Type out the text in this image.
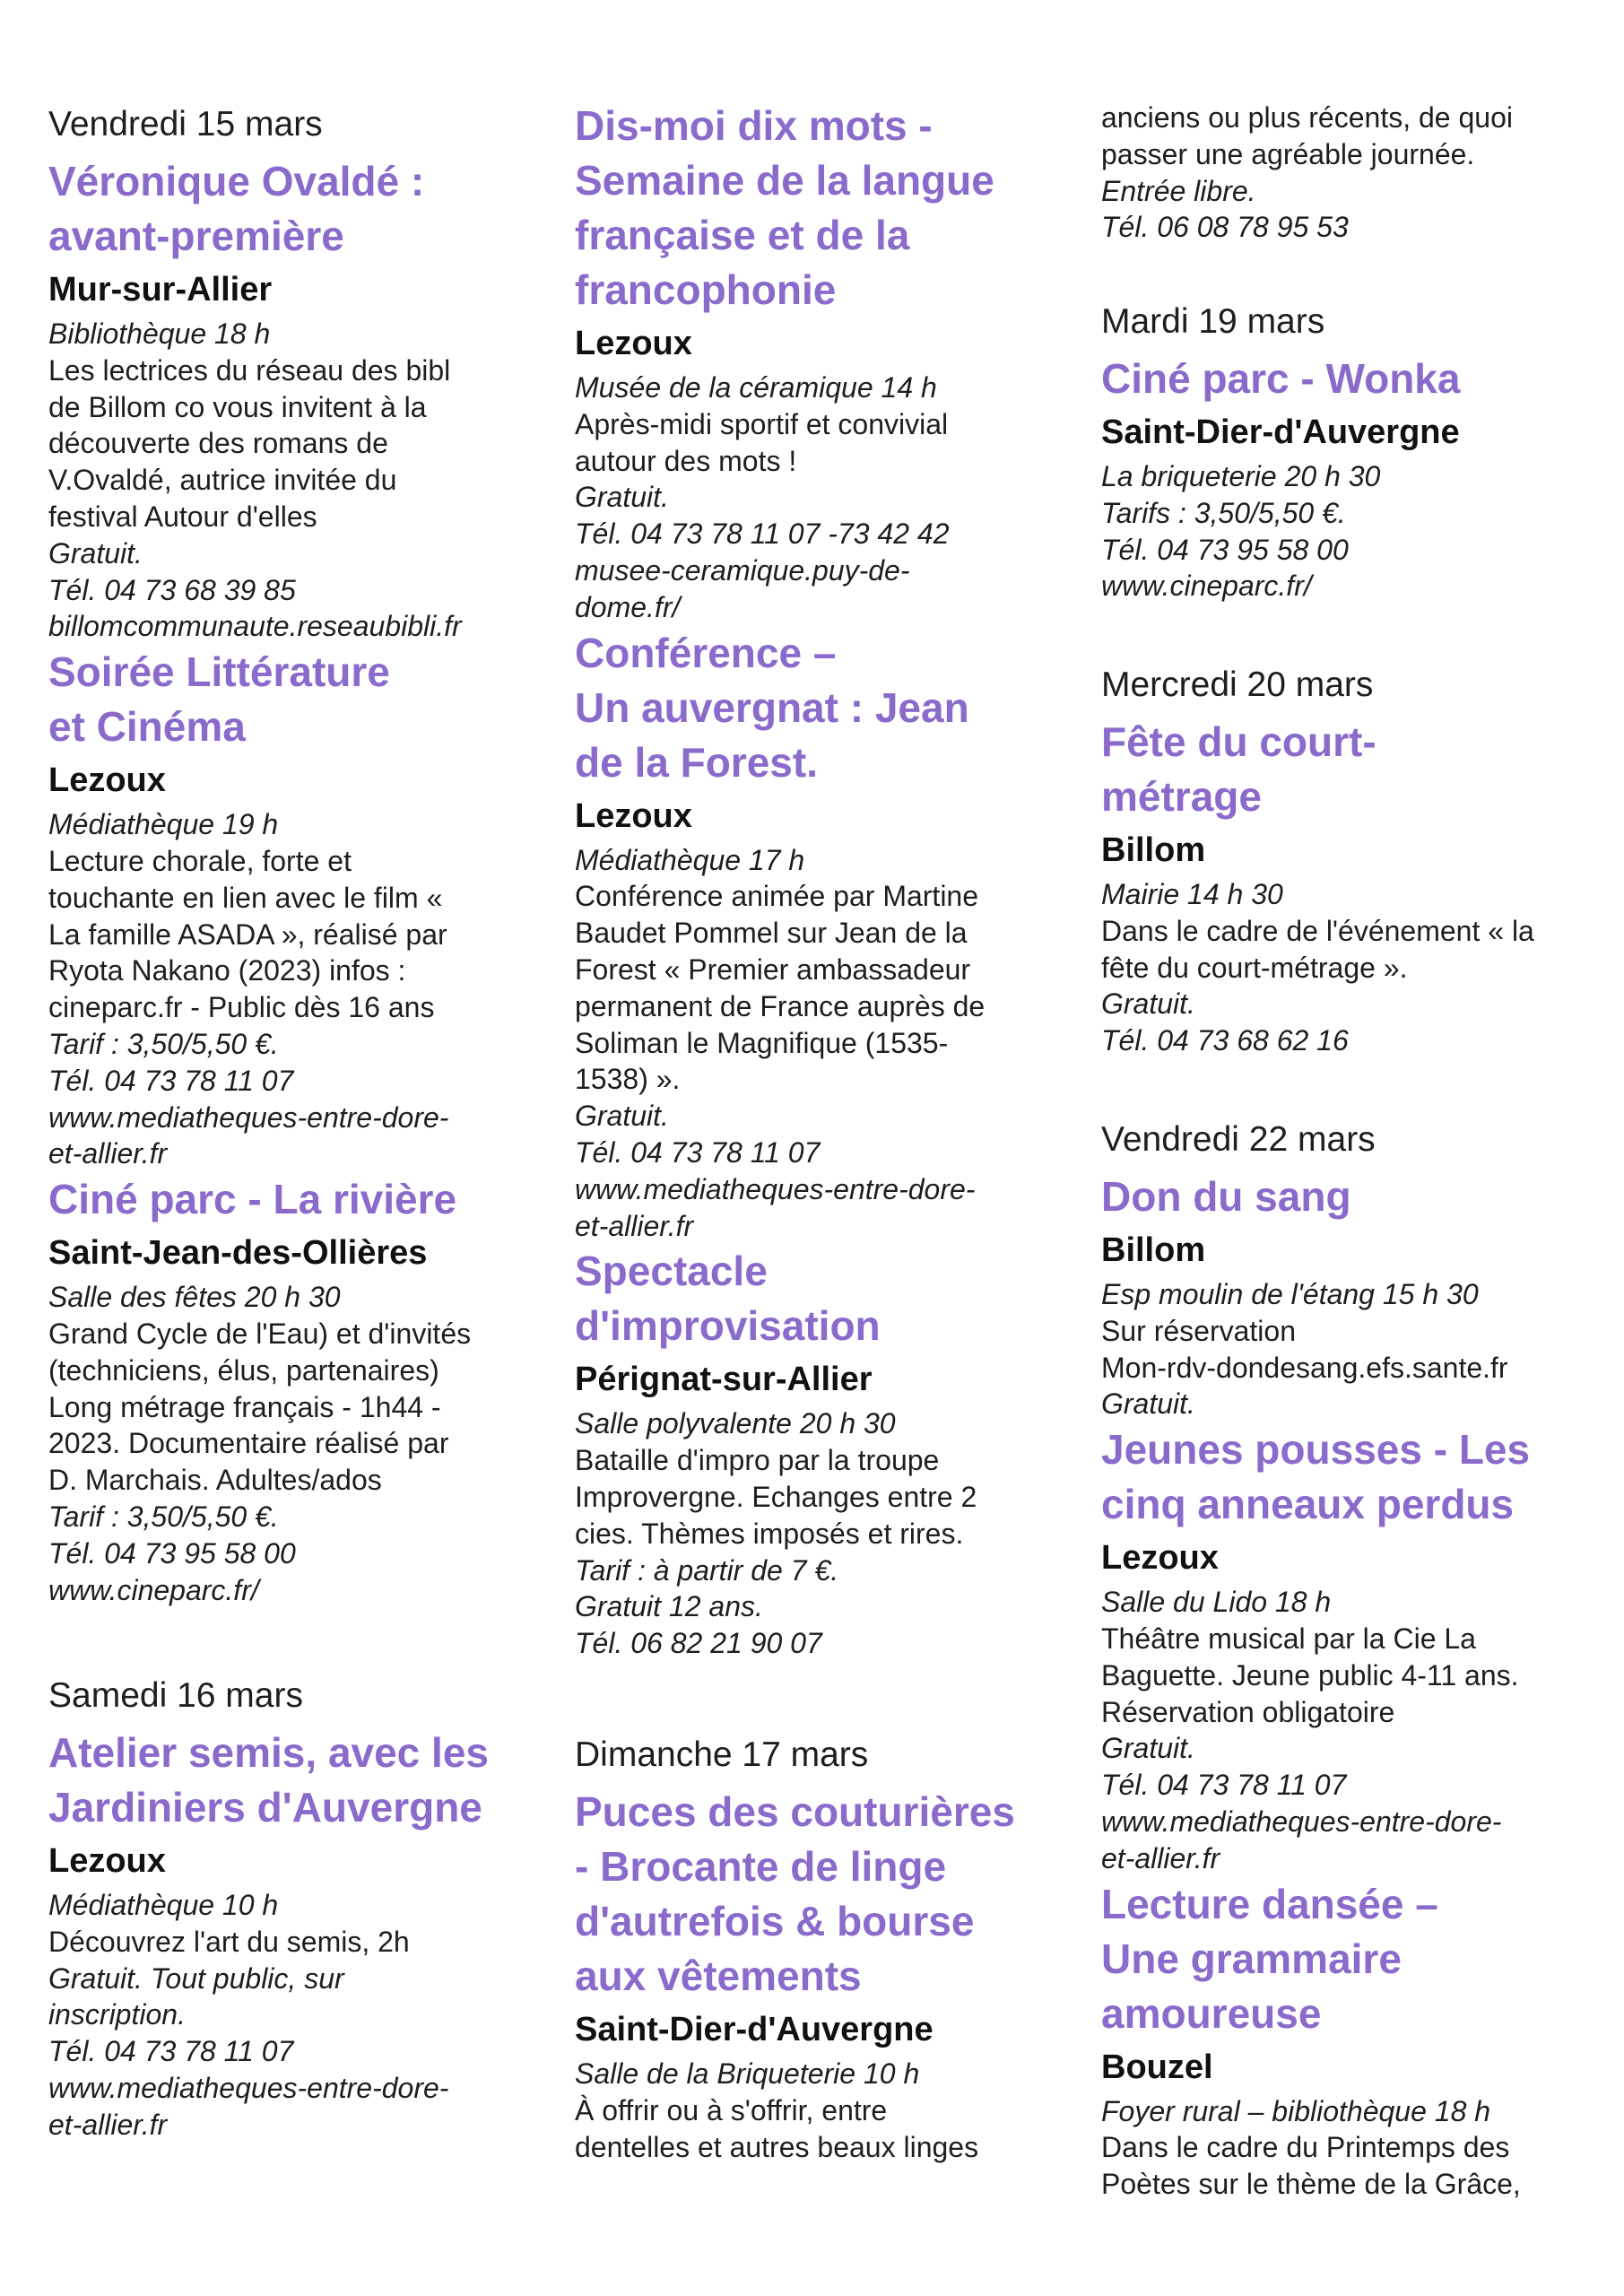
Vendredi 15 mars
Véronique Ovaldé :
avant-première
Mur-sur-Allier
Bibliothèque 18 h
Les lectrices du réseau des bibl
de Billom co vous invitent à la
découverte des romans de
V.Ovaldé, autrice invitée du
festival Autour d'elles
Gratuit.
Tél. 04 73 68 39 85
billomcommunaute.reseaubibli.fr
Soirée Littérature
et Cinéma
Lezoux
Médiathèque 19 h
Lecture chorale, forte et
touchante en lien avec le film «
La famille ASADA », réalisé par
Ryota Nakano (2023) infos :
cineparc.fr - Public dès 16 ans
Tarif : 3,50/5,50 €.
Tél. 04 73 78 11 07
www.mediatheques-entre-dore-
et-allier.fr
Ciné parc - La rivière
Saint-Jean-des-Ollières
Salle des fêtes 20 h 30
Grand Cycle de l'Eau) et d'invités
(techniciens, élus, partenaires)
Long métrage français - 1h44 -
2023. Documentaire réalisé par
D. Marchais. Adultes/ados
Tarif : 3,50/5,50 €.
Tél. 04 73 95 58 00
www.cineparc.fr/
Samedi 16 mars
Atelier semis, avec les
Jardiniers d'Auvergne
Lezoux
Médiathèque 10 h
Découvrez l'art du semis, 2h
Gratuit. Tout public, sur
inscription.
Tél. 04 73 78 11 07
www.mediatheques-entre-dore-
et-allier.fr
Dis-moi dix mots -
Semaine de la langue
française et de la
francophonie
Lezoux
Musée de la céramique 14 h
Après-midi sportif et convivial
autour des mots !
Gratuit.
Tél. 04 73 78 11 07 -73 42 42
musee-ceramique.puy-de-
dome.fr/
Conférence –
Un auvergnat : Jean
de la Forest.
Lezoux
Médiathèque 17 h
Conférence animée par Martine
Baudet Pommel sur Jean de la
Forest « Premier ambassadeur
permanent de France auprès de
Soliman le Magnifique (1535-
1538) ».
Gratuit.
Tél. 04 73 78 11 07
www.mediatheques-entre-dore-
et-allier.fr
Spectacle
d'improvisation
Pérignat-sur-Allier
Salle polyvalente 20 h 30
Bataille d'impro par la troupe
Improvergne. Echanges entre 2
cies. Thèmes imposés et rires.
Tarif : à partir de 7 €.
Gratuit 12 ans.
Tél. 06 82 21 90 07
Dimanche 17 mars
Puces des couturières
- Brocante de linge
d'autrefois & bourse
aux vêtements
Saint-Dier-d'Auvergne
Salle de la Briqueterie 10 h
À offrir ou à s'offrir, entre
dentelles et autres beaux linges
anciens ou plus récents, de quoi
passer une agréable journée.
Entrée libre.
Tél. 06 08 78 95 53
Mardi 19 mars
Ciné parc - Wonka
Saint-Dier-d'Auvergne
La briqueterie 20 h 30
Tarifs : 3,50/5,50 €.
Tél. 04 73 95 58 00
www.cineparc.fr/
Mercredi 20 mars
Fête du court-
métrage
Billom
Mairie 14 h 30
Dans le cadre de l'événement « la
fête du court-métrage ».
Gratuit.
Tél. 04 73 68 62 16
Vendredi 22 mars
Don du sang
Billom
Esp moulin de l'étang 15 h 30
Sur réservation
Mon-rdv-dondesang.efs.sante.fr
Gratuit.
Jeunes pousses - Les
cinq anneaux perdus
Lezoux
Salle du Lido 18 h
Théâtre musical par la Cie La
Baguette. Jeune public 4-11 ans.
Réservation obligatoire
Gratuit.
Tél. 04 73 78 11 07
www.mediatheques-entre-dore-
et-allier.fr
Lecture dansée –
Une grammaire
amoureuse
Bouzel
Foyer rural – bibliothèque 18 h
Dans le cadre du Printemps des
Poètes sur le thème de la Grâce,
